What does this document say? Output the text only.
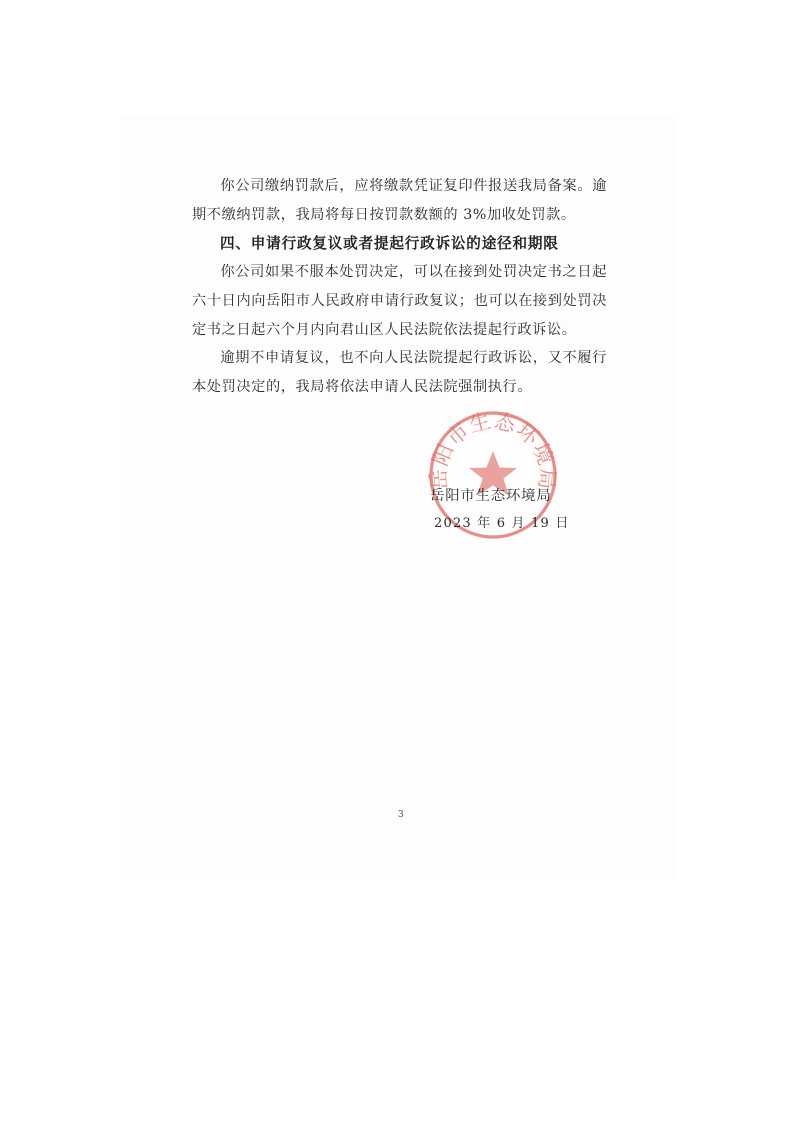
你公司缴纳罚款后，应将缴款凭证复印件报送我局备案。逾期不缴纳罚款，我局将每日按罚款数额的 3%加收处罚款。

四、申请行政复议或者提起行政诉讼的途径和期限

你公司如果不服本处罚决定，可以在接到处罚决定书之日起六十日内向岳阳市人民政府申请行政复议；也可以在接到处罚决定书之日起六个月内向君山区人民法院依法提起行政诉讼。

逾期不申请复议，也不向人民法院提起行政诉讼，又不履行本处罚决定的，我局将依法申请人民法院强制执行。

岳阳市生态环境局

岳阳市生态环境局

2023 年 6 月 19 日

3
